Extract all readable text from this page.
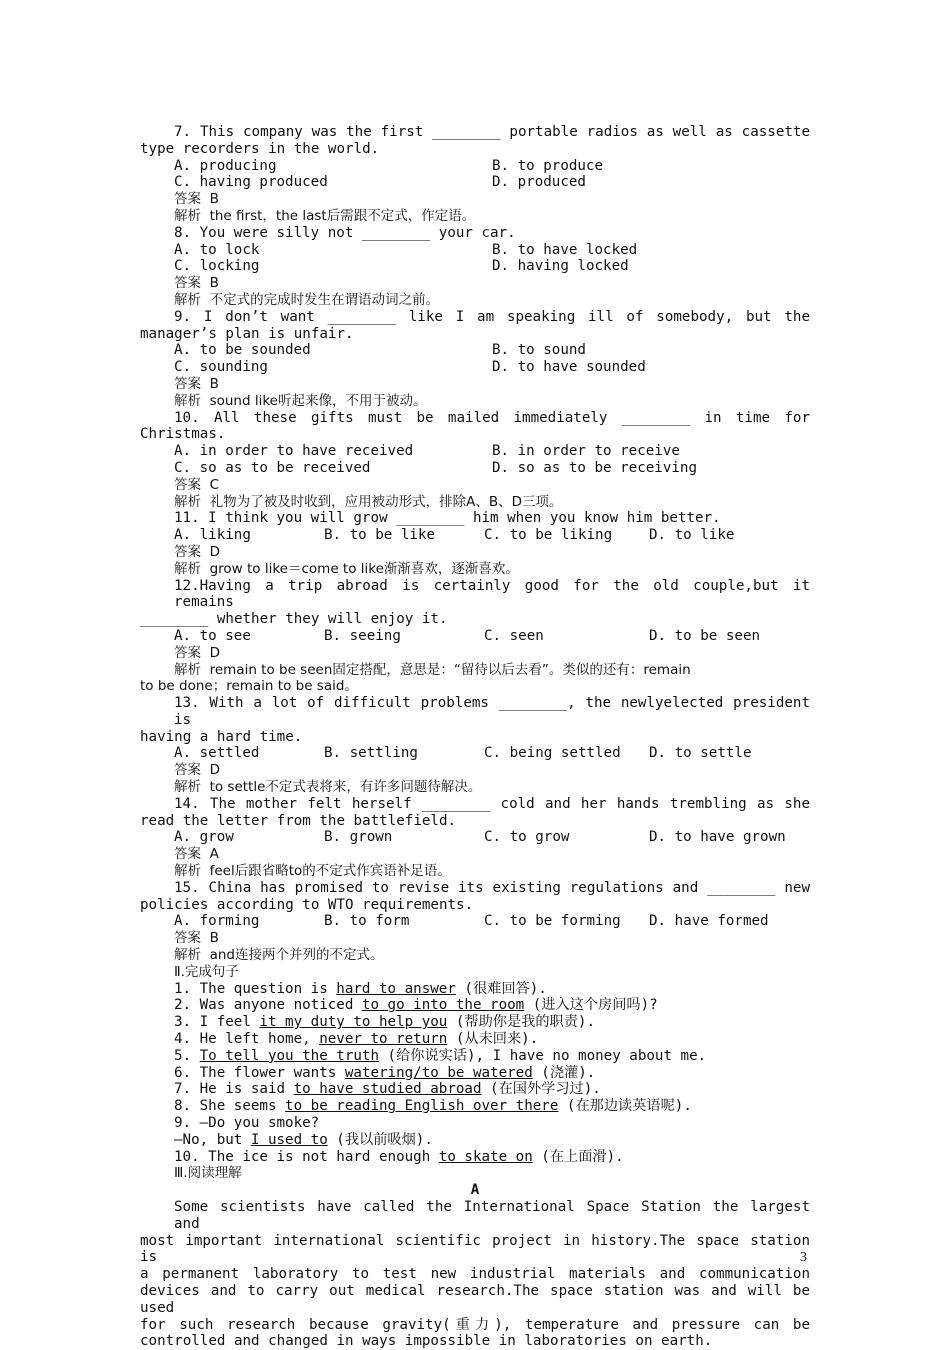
7. This company was the first ________ portable radios as well as cassette
type recorders in the world.
A. producing	B. to produce
C. having produced	D. produced
答案  B
解析  the first，the last后需跟不定式，作定语。
8. You were silly not ________ your car.
A. to lock	B. to have locked
C. locking	D. having locked
答案  B
解析  不定式的完成时发生在谓语动词之前。
9. I don’t want ________ like I am speaking ill of somebody, but the
manager’s plan is unfair.
A. to be sounded	B. to sound
C. sounding	D. to have sounded
答案  B
解析  sound like听起来像，不用于被动。
10. All these gifts must be mailed immediately ________ in time for
Christmas.
A. in order to have received	B. in order to receive
C. so as to be received	D. so as to be receiving
答案  C
解析  礼物为了被及时收到，应用被动形式，排除A、B、D三项。
11. I think you will grow ________ him when you know him better.
A. liking	B. to be like	C. to be liking	D. to like
答案  D
解析  grow to like＝come to like渐渐喜欢，逐渐喜欢。
12.Having a trip abroad is certainly good for the old couple,but it remains
________ whether they will enjoy it.
A. to see	B. seeing	C. seen	D. to be seen
答案  D
解析  remain to be seen固定搭配，意思是：“留待以后去看”。类似的还有：remain
to be done；remain to be said。
13. With a lot of difficult problems ________, the newlyelected president is
having a hard time.
A. settled	B. settling	C. being settled	D. to settle
答案  D
解析  to settle不定式表将来，有许多问题待解决。
14. The mother felt herself ________ cold and her hands trembling as she
read the letter from the battlefield.
A. grow	B. grown	C. to grow	D. to have grown
答案  A
解析  feel后跟省略to的不定式作宾语补足语。
15. China has promised to revise its existing regulations and ________ new
policies according to WTO requirements.
A. forming	B. to form	C. to be forming	D. have formed
答案  B
解析  and连接两个并列的不定式。
Ⅱ.完成句子
1. The question is hard to answer (很难回答).
2. Was anyone noticed to go into the room (进入这个房间吗)?
3. I feel it my duty to help you (帮助你是我的职责).
4. He left home, never to return (从未回来).
5. To tell you the truth (给你说实话), I have no money about me.
6. The flower wants watering/to be watered (浇灌).
7. He is said to have studied abroad (在国外学习过).
8. She seems to be reading English over there (在那边读英语呢).
9. —Do you smoke?
—No, but I used to (我以前吸烟).
10. The ice is not hard enough to skate on (在上面滑).
Ⅲ.阅读理解
A
Some scientists have called the International Space Station the largest and
most important international scientific project in history.The space station is
a permanent laboratory to test new industrial materials and communication
devices and to carry out medical research.The space station was and will be used
for such research because gravity(重力), temperature and pressure can be
controlled and changed in ways impossible in laboratories on earth.
3
